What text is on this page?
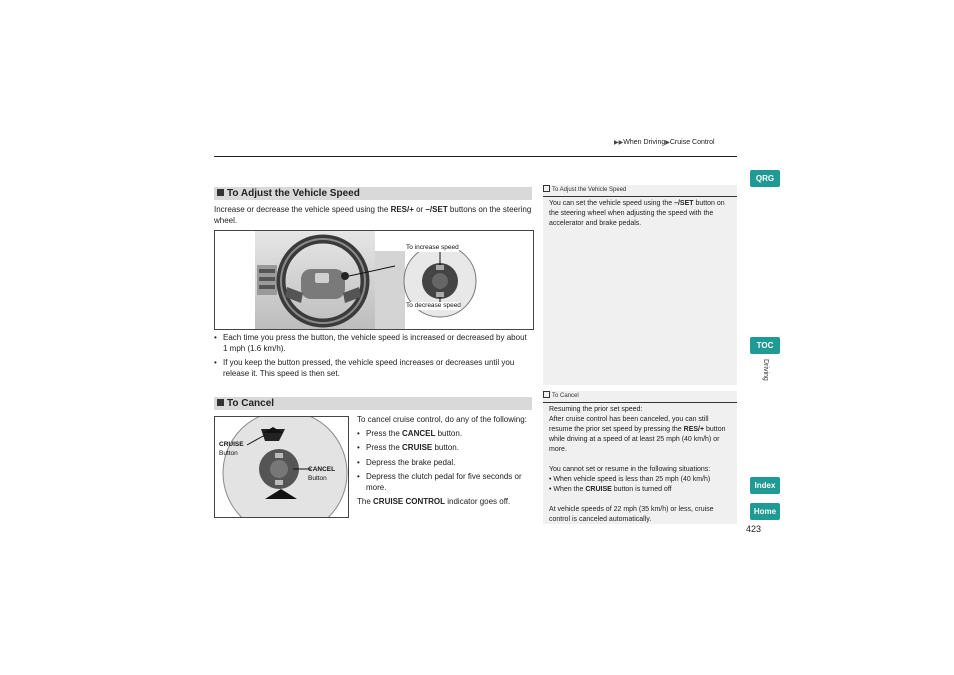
▶▶When Driving▶Cruise Control
To Adjust the Vehicle Speed
Increase or decrease the vehicle speed using the RES/+ or –/SET buttons on the steering wheel.
To increase speed
To decrease speed
• Each time you press the button, the vehicle speed is increased or decreased by about 1 mph (1.6 km/h).
• If you keep the button pressed, the vehicle speed increases or decreases until you release it. This speed is then set.
To Cancel
CRUISE
Button
CANCEL
Button
To cancel cruise control, do any of the following:
• Press the CANCEL button.
• Press the CRUISE button.
• Depress the brake pedal.
• Depress the clutch pedal for five seconds or more.
The CRUISE CONTROL indicator goes off.
To Adjust the Vehicle Speed
You can set the vehicle speed using the –/SET button on the steering wheel when adjusting the speed with the accelerator and brake pedals.
To Cancel
Resuming the prior set speed:
After cruise control has been canceled, you can still resume the prior set speed by pressing the RES/+ button while driving at a speed of at least 25 mph (40 km/h) or more.
You cannot set or resume in the following situations:
• When vehicle speed is less than 25 mph (40 km/h)
• When the CRUISE button is turned off
At vehicle speeds of 22 mph (35 km/h) or less, cruise control is canceled automatically.
QRG
TOC
Driving
Index
Home
423
